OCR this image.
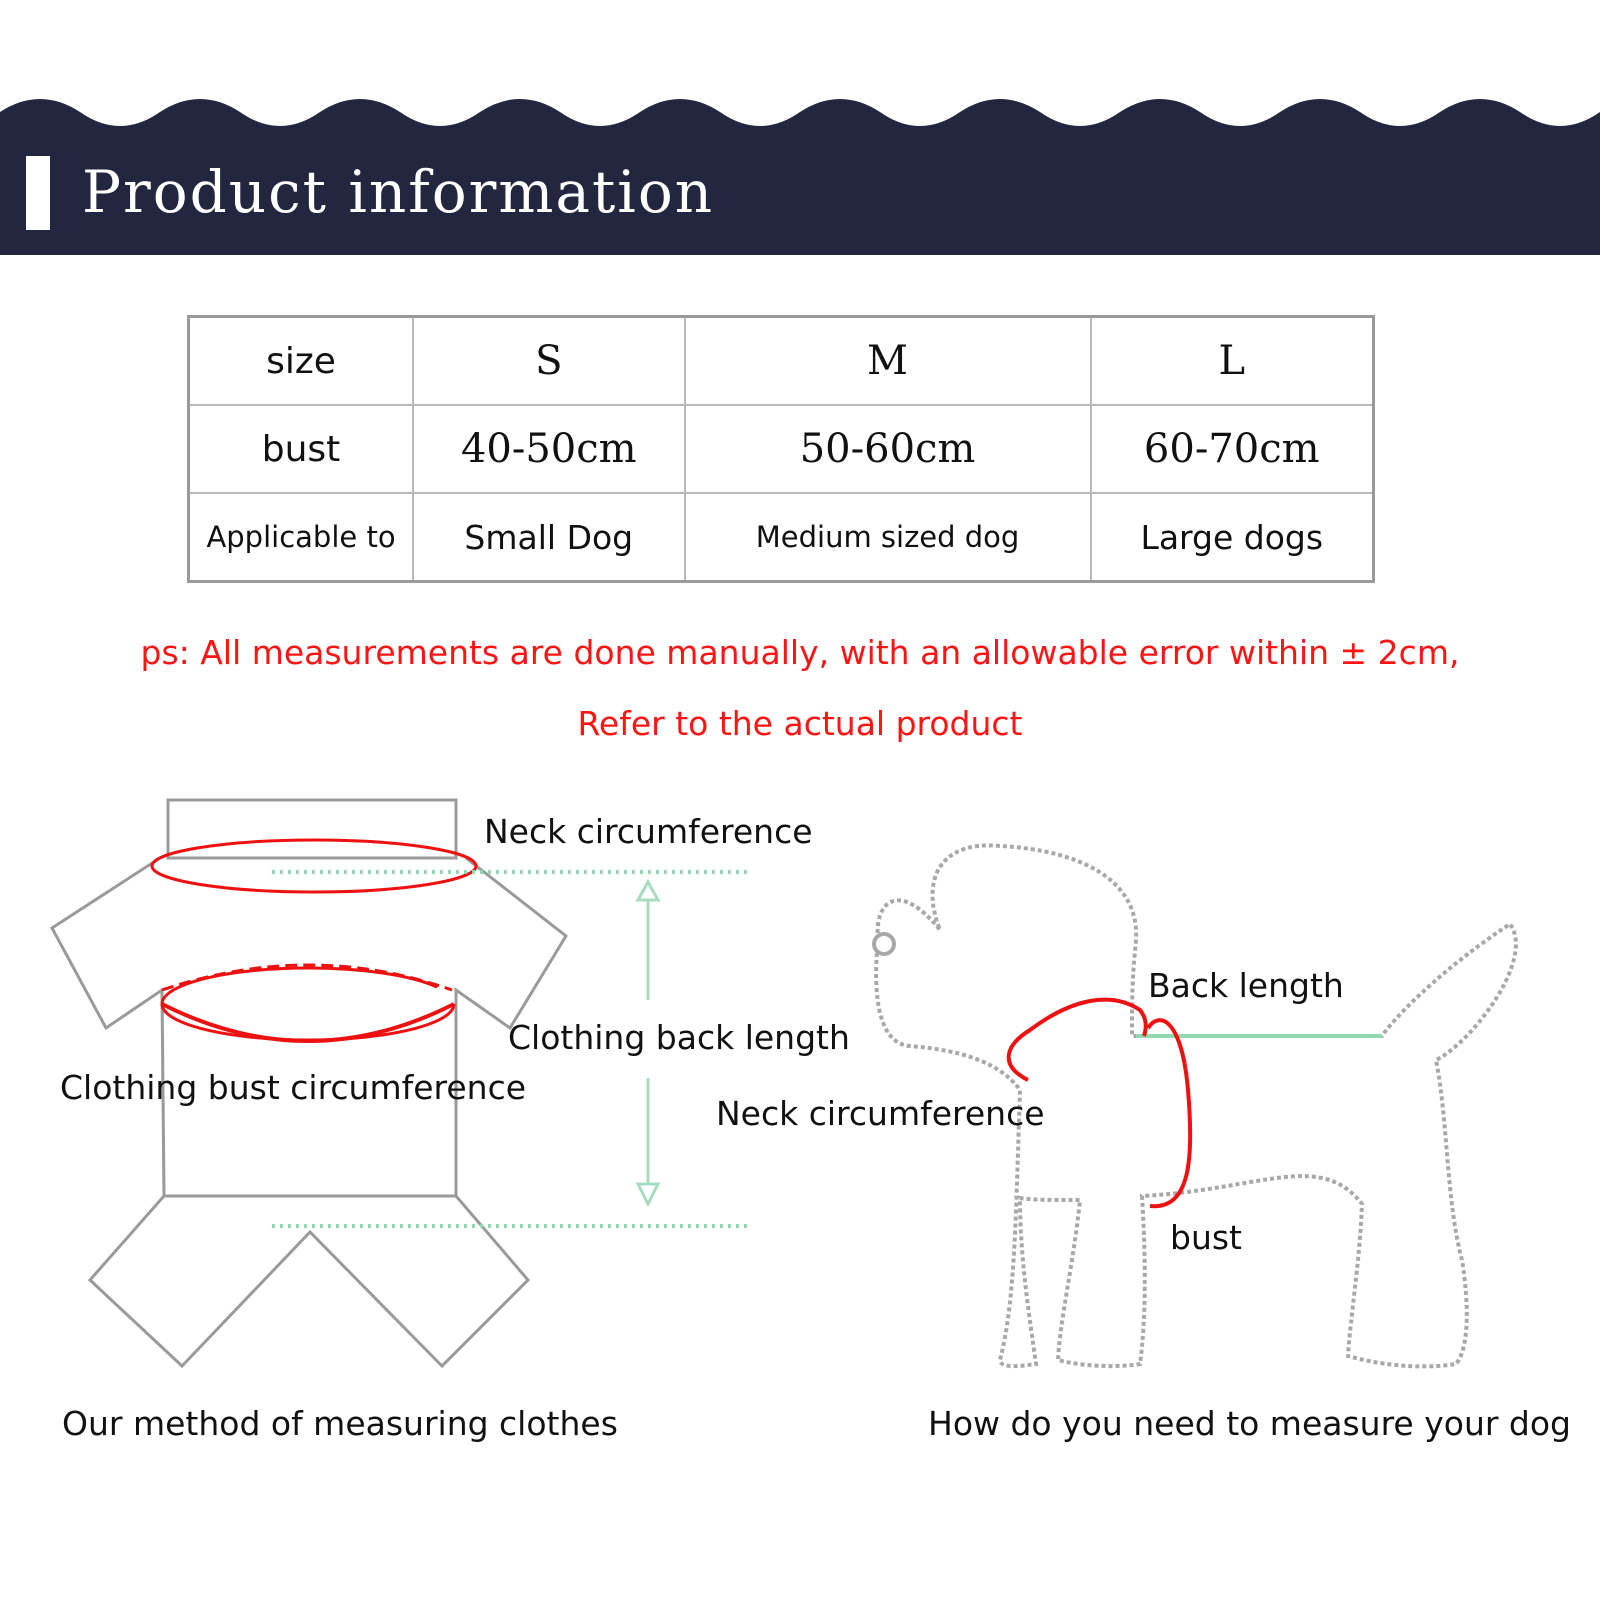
Product information
size	S	M	L
bust	40-50cm	50-60cm	60-70cm
Applicable to	Small Dog	Medium sized dog	Large dogs
ps: All measurements are done manually, with an allowable error within ± 2cm,
Refer to the actual product
Neck circumference
Clothing back length
Clothing bust circumference
Our method of measuring clothes
Back length
Neck circumference
bust
How do you need to measure your dog
